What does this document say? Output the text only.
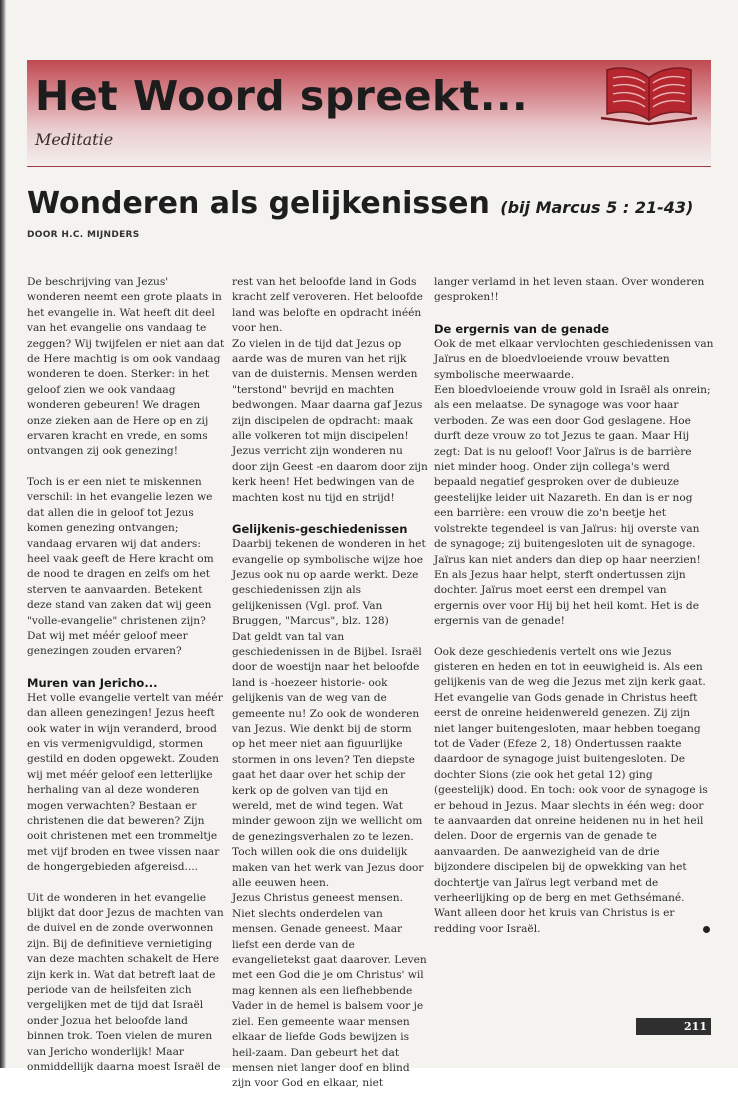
Het Woord spreekt...
Meditatie
Wonderen als gelijkenissen (bij Marcus 5 : 21-43)
DOOR H.C. MIJNDERS

De beschrijving van Jezus' wonderen neemt een grote plaats in het evangelie in. Wat heeft dit deel van het evangelie ons vandaag te zeggen? Wij twijfelen er niet aan dat de Here machtig is om ook vandaag wonderen te doen. Sterker: in het geloof zien we ook vandaag wonderen gebeuren! We dragen onze zieken aan de Here op en zij ervaren kracht en vrede, en soms ontvangen zij ook genezing!

Toch is er een niet te miskennen verschil: in het evangelie lezen we dat allen die in geloof tot Jezus komen genezing ontvangen; vandaag ervaren wij dat anders: heel vaak geeft de Here kracht om de nood te dragen en zelfs om het sterven te aanvaarden. Betekent deze stand van zaken dat wij geen "volle-evangelie" christenen zijn? Dat wij met méér geloof meer genezingen zouden ervaren?

Muren van Jericho...

Het volle evangelie vertelt van méér dan alleen genezingen! Jezus heeft ook water in wijn veranderd, brood en vis vermenigvuldigd, stormen gestild en doden opgewekt. Zouden wij met méér geloof een letterlijke herhaling van al deze wonderen mogen verwachten? Bestaan er christenen die dat beweren? Zijn ooit christenen met een trommeltje met vijf broden en twee vissen naar de hongergebieden afgereisd....

Uit de wonderen in het evangelie blijkt dat door Jezus de machten van de duivel en de zonde overwonnen zijn. Bij de definitieve vernietiging van deze machten schakelt de Here zijn kerk in. Wat dat betreft laat de periode van de heilsfeiten zich vergelijken met de tijd dat Israël onder Jozua het beloofde land binnen trok. Toen vielen de muren van Jericho wonderlijk! Maar onmiddellijk daarna moest Israël de

rest van het beloofde land in Gods kracht zelf veroveren. Het beloofde land was belofte en opdracht inéén voor hen.

Zo vielen in de tijd dat Jezus op aarde was de muren van het rijk van de duisternis. Mensen werden "terstond" bevrijd en machten bedwongen. Maar daarna gaf Jezus zijn discipelen de opdracht: maak alle volkeren tot mijn discipelen! Jezus verricht zijn wonderen nu door zijn Geest -en daarom door zijn kerk heen! Het bedwingen van de machten kost nu tijd en strijd!

Gelijkenis-geschiedenissen

Daarbij tekenen de wonderen in het evangelie op symbolische wijze hoe Jezus ook nu op aarde werkt. Deze geschiedenissen zijn als gelijkenissen (Vgl. prof. Van Bruggen, "Marcus", blz. 128)

Dat geldt van tal van geschiedenissen in de Bijbel. Israël door de woestijn naar het beloofde land is -hoezeer historie- ook gelijkenis van de weg van de gemeente nu! Zo ook de wonderen van Jezus. Wie denkt bij de storm op het meer niet aan figuurlijke stormen in ons leven? Ten diepste gaat het daar over het schip der kerk op de golven van tijd en wereld, met de wind tegen. Wat minder gewoon zijn we wellicht om de genezingsverhalen zo te lezen. Toch willen ook die ons duidelijk maken van het werk van Jezus door alle eeuwen heen.

Jezus Christus geneest mensen. Niet slechts onderdelen van mensen. Genade geneest. Maar liefst een derde van de evangelietekst gaat daarover. Leven met een God die je om Christus' wil mag kennen als een liefhebbende Vader in de hemel is balsem voor je ziel. Een gemeente waar mensen elkaar de liefde Gods bewijzen is heil-zaam. Dan gebeurt het dat mensen niet langer doof en blind zijn voor God en elkaar, niet

langer verlamd in het leven staan. Over wonderen gesproken!!

De ergernis van de genade

Ook de met elkaar vervlochten geschiedenissen van Jaïrus en de bloedvloeiende vrouw bevatten symbolische meerwaarde.

Een bloedvloeiende vrouw gold in Israël als onrein; als een melaatse. De synagoge was voor haar verboden. Ze was een door God geslagene. Hoe durft deze vrouw zo tot Jezus te gaan. Maar Hij zegt: Dat is nu geloof! Voor Jaïrus is de barrière niet minder hoog. Onder zijn collega's werd bepaald negatief gesproken over de dubieuze geestelijke leider uit Nazareth. En dan is er nog een barrière: een vrouw die zo'n beetje het volstrekte tegendeel is van Jaïrus: hij overste van de synagoge; zij buitengesloten uit de synagoge. Jaïrus kan niet anders dan diep op haar neerzien! En als Jezus haar helpt, sterft ondertussen zijn dochter. Jaïrus moet eerst een drempel van ergernis over voor Hij bij het heil komt. Het is de ergernis van de genade!

Ook deze geschiedenis vertelt ons wie Jezus gisteren en heden en tot in eeuwigheid is. Als een gelijkenis van de weg die Jezus met zijn kerk gaat. Het evangelie van Gods genade in Christus heeft eerst de onreine heidenwereld genezen. Zij zijn niet langer buitengesloten, maar hebben toegang tot de Vader (Efeze 2, 18) Ondertussen raakte daardoor de synagoge juist buitengesloten. De dochter Sions (zie ook het getal 12) ging (geestelijk) dood. En toch: ook voor de synagoge is er behoud in Jezus. Maar slechts in één weg: door te aanvaarden dat onreine heidenen nu in het heil delen. Door de ergernis van de genade te aanvaarden. De aanwezigheid van de drie bijzondere discipelen bij de opwekking van het dochtertje van Jaïrus legt verband met de verheerlijking op de berg en met Gethsémané. Want alleen door het kruis van Christus is er redding voor Israël.

211
